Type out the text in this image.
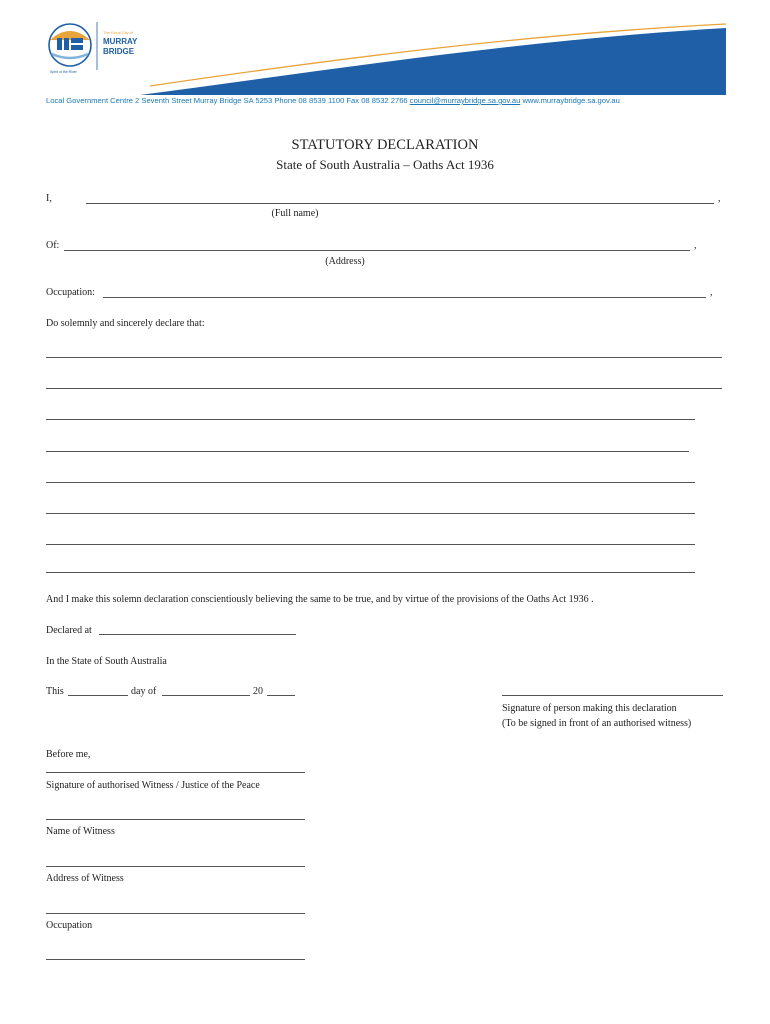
The Rural City of
MURRAY
BRIDGE
Spirit of the River
Local Government Centre 2 Seventh Street Murray Bridge SA 5253 Phone 08 8539 1100 Fax 08 8532 2766 council@murraybridge.sa.gov.au www.murraybridge.sa.gov.au
STATUTORY DECLARATION
State of South Australia – Oaths Act 1936
I,	,
(Full name)
Of:	,
(Address)
Occupation:	,
Do solemnly and sincerely declare that:
And I make this solemn declaration conscientiously believing the same to be true, and by virtue of the provisions of the Oaths Act 1936 .
Declared at
In the State of South Australia
This	day of	20
Signature of person making this declaration
(To be signed in front of an authorised witness)
Before me,
Signature of authorised Witness / Justice of the Peace
Name of Witness
Address of Witness
Occupation
